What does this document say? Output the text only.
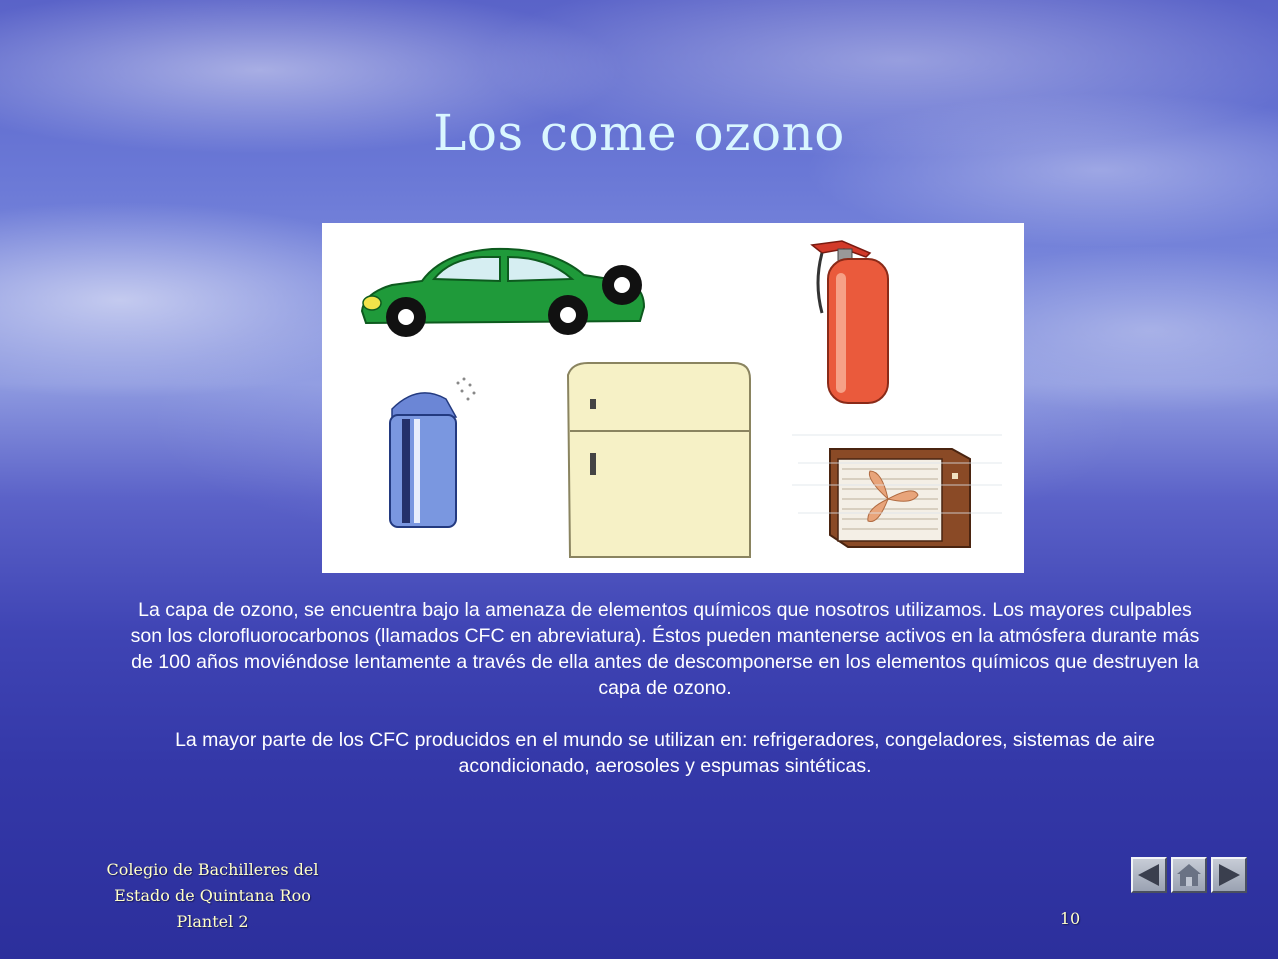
Los come ozono

La capa de ozono, se encuentra bajo la amenaza de elementos químicos que nosotros utilizamos. Los mayores culpables son los clorofluorocarbonos (llamados CFC en abreviatura). Éstos pueden mantenerse activos en la atmósfera durante más de 100 años moviéndose lentamente a través de ella antes de descomponerse en los elementos químicos que destruyen la capa de ozono.

La mayor parte de los CFC producidos en el mundo se utilizan en: refrigeradores, congeladores, sistemas de aire acondicionado, aerosoles y espumas sintéticas.

Colegio de Bachilleres del
Estado de Quintana Roo
Plantel 2	10
